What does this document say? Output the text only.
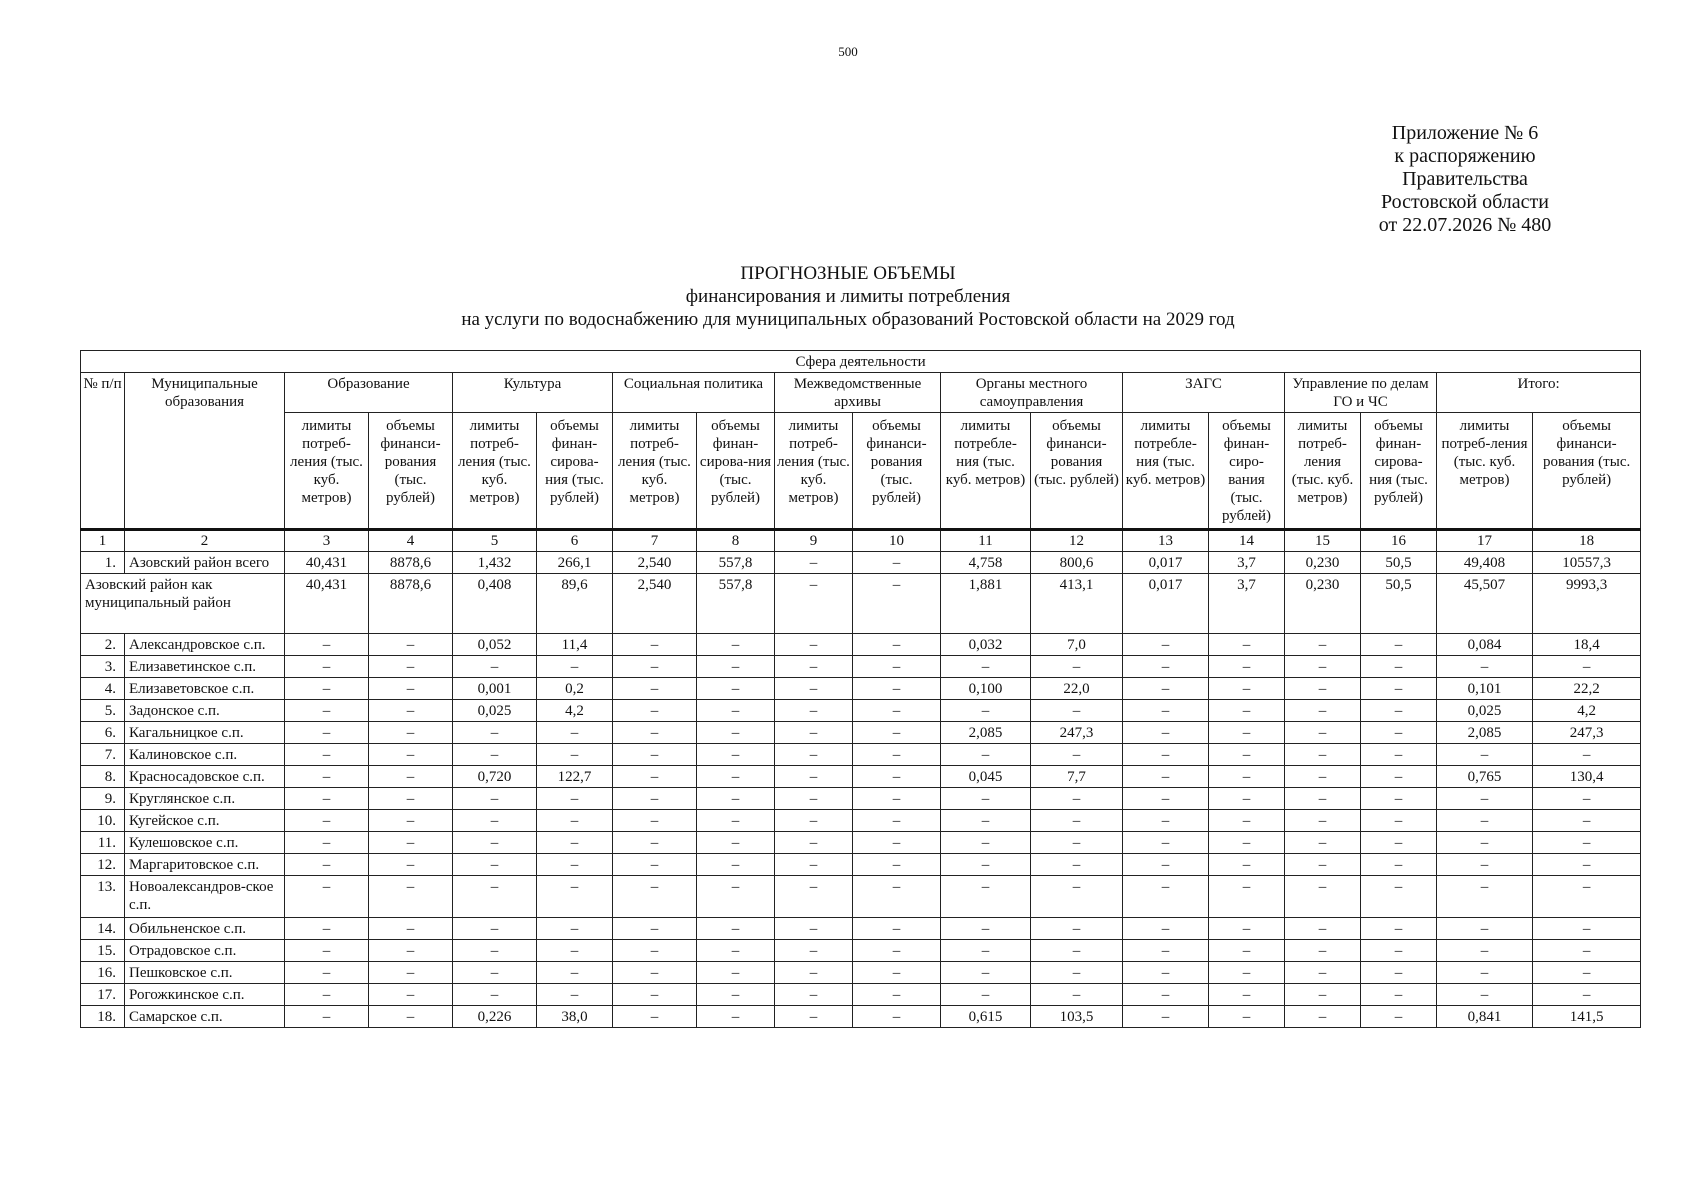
500
Приложение № 6
к распоряжению
Правительства
Ростовской области
от 22.07.2026 № 480
ПРОГНОЗНЫЕ ОБЪЕМЫ
финансирования и лимиты потребления
на услуги по водоснабжению для муниципальных образований Ростовской области на 2029 год
Сфера деятельности																	
№ п/п	Муниципальные образования	Образование		Культура		Социальная политика		Межведомственные архивы		Органы местного самоуправления		ЗАГС		Управление по делам ГО и ЧС		Итого:	
		лимиты потреб-ления (тыс. куб. метров)	объемы финанси-рования (тыс. рублей)	лимиты потреб-ления (тыс. куб. метров)	объемы финан-сирова-ния (тыс. рублей)	лимиты потреб-ления (тыс. куб. метров)	объемы финан-сирова-ния (тыс. рублей)	лимиты потреб-ления (тыс. куб. метров)	объемы финанси-рования (тыс. рублей)	лимиты потребле-ния (тыс. куб. метров)	объемы финанси-рования (тыс. рублей)	лимиты потребле-ния (тыс. куб. метров)	объемы финан-сиро-вания (тыс. рублей)	лимиты потреб-ления (тыс. куб. метров)	объемы финан-сирова-ния (тыс. рублей)	лимиты потреб-ления (тыс. куб. метров)	объемы финанси-рования (тыс. рублей)
1	2	3	4	5	6	7	8	9	10	11	12	13	14	15	16	17	18
1.	Азовский район всего	40,431	8878,6	1,432	266,1	2,540	557,8	–	–	4,758	800,6	0,017	3,7	0,230	50,5	49,408	10557,3
Азовский район как муниципальный район		40,431	8878,6	0,408	89,6	2,540	557,8	–	–	1,881	413,1	0,017	3,7	0,230	50,5	45,507	9993,3
2.	Александровское с.п.	–	–	0,052	11,4	–	–	–	–	0,032	7,0	–	–	–	–	0,084	18,4
3.	Елизаветинское с.п.	–	–	–	–	–	–	–	–	–	–	–	–	–	–	–	–
4.	Елизаветовское с.п.	–	–	0,001	0,2	–	–	–	–	0,100	22,0	–	–	–	–	0,101	22,2
5.	Задонское с.п.	–	–	0,025	4,2	–	–	–	–	–	–	–	–	–	–	0,025	4,2
6.	Кагальницкое с.п.	–	–	–	–	–	–	–	–	2,085	247,3	–	–	–	–	2,085	247,3
7.	Калиновское с.п.	–	–	–	–	–	–	–	–	–	–	–	–	–	–	–	–
8.	Красносадовское с.п.	–	–	0,720	122,7	–	–	–	–	0,045	7,7	–	–	–	–	0,765	130,4
9.	Круглянское с.п.	–	–	–	–	–	–	–	–	–	–	–	–	–	–	–	–
10.	Кугейское с.п.	–	–	–	–	–	–	–	–	–	–	–	–	–	–	–	–
11.	Кулешовское с.п.	–	–	–	–	–	–	–	–	–	–	–	–	–	–	–	–
12.	Маргаритовское с.п.	–	–	–	–	–	–	–	–	–	–	–	–	–	–	–	–
13.	Новоалександров-ское с.п.	–	–	–	–	–	–	–	–	–	–	–	–	–	–	–	–
14.	Обильненское с.п.	–	–	–	–	–	–	–	–	–	–	–	–	–	–	–	–
15.	Отрадовское с.п.	–	–	–	–	–	–	–	–	–	–	–	–	–	–	–	–
16.	Пешковское с.п.	–	–	–	–	–	–	–	–	–	–	–	–	–	–	–	–
17.	Рогожкинское с.п.	–	–	–	–	–	–	–	–	–	–	–	–	–	–	–	–
18.	Самарское с.п.	–	–	0,226	38,0	–	–	–	–	0,615	103,5	–	–	–	–	0,841	141,5
